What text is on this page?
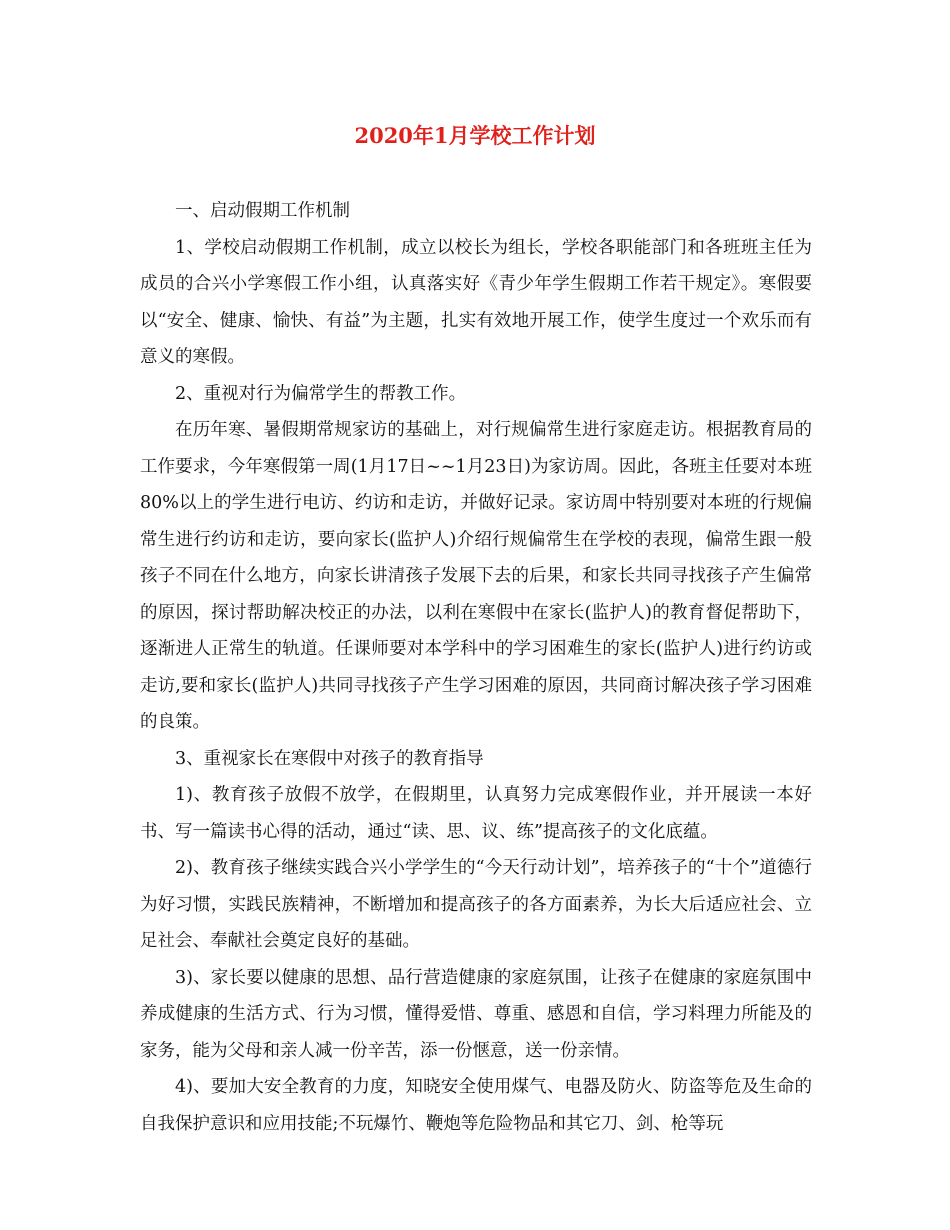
2020年1月学校工作计划

一、启动假期工作机制

1、学校启动假期工作机制，成立以校长为组长，学校各职能部门和各班班主任为成员的合兴小学寒假工作小组，认真落实好《青少年学生假期工作若干规定》。寒假要以“安全、健康、愉快、有益”为主题，扎实有效地开展工作，使学生度过一个欢乐而有意义的寒假。

2、重视对行为偏常学生的帮教工作。

在历年寒、暑假期常规家访的基础上，对行规偏常生进行家庭走访。根据教育局的工作要求，今年寒假第一周(1月17日~~1月23日)为家访周。因此，各班主任要对本班80%以上的学生进行电访、约访和走访，并做好记录。家访周中特别要对本班的行规偏常生进行约访和走访，要向家长(监护人)介绍行规偏常生在学校的表现，偏常生跟一般孩子不同在什么地方，向家长讲清孩子发展下去的后果，和家长共同寻找孩子产生偏常的原因，探讨帮助解决校正的办法，以利在寒假中在家长(监护人)的教育督促帮助下，逐渐进人正常生的轨道。任课师要对本学科中的学习困难生的家长(监护人)进行约访或走访,要和家长(监护人)共同寻找孩子产生学习困难的原因，共同商讨解决孩子学习困难的良策。

3、重视家长在寒假中对孩子的教育指导

1)、教育孩子放假不放学，在假期里，认真努力完成寒假作业，并开展读一本好书、写一篇读书心得的活动，通过“读、思、议、练”提高孩子的文化底蕴。

2)、教育孩子继续实践合兴小学学生的“今天行动计划”，培养孩子的“十个”道德行为好习惯，实践民族精神，不断增加和提高孩子的各方面素养，为长大后适应社会、立足社会、奉献社会奠定良好的基础。

3)、家长要以健康的思想、品行营造健康的家庭氛围，让孩子在健康的家庭氛围中养成健康的生活方式、行为习惯，懂得爱惜、尊重、感恩和自信，学习料理力所能及的家务，能为父母和亲人减一份辛苦，添一份惬意，送一份亲情。

4)、要加大安全教育的力度，知晓安全使用煤气、电器及防火、防盗等危及生命的自我保护意识和应用技能;不玩爆竹、鞭炮等危险物品和其它刀、剑、枪等玩
